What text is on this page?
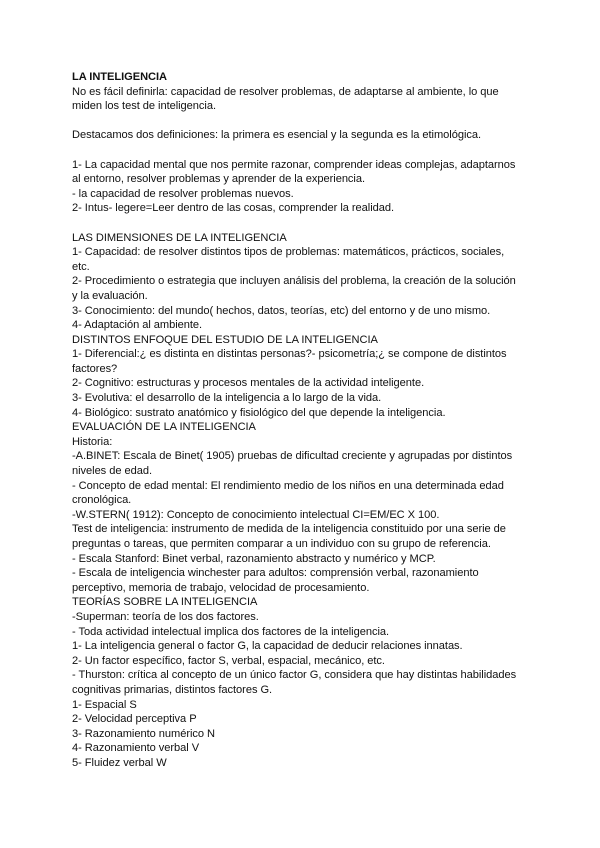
LA INTELIGENCIA

No es fácil definirla: capacidad de resolver problemas, de adaptarse al ambiente, lo que

miden los test de inteligencia.

Destacamos dos definiciones: la primera es esencial y la segunda es la etimológica.

1- La capacidad mental que nos permite razonar, comprender ideas complejas, adaptarnos

al entorno, resolver problemas y aprender de la experiencia.

- la capacidad de resolver problemas nuevos.

2- Intus- legere=Leer dentro de las cosas, comprender la realidad.

LAS DIMENSIONES DE LA INTELIGENCIA

1- Capacidad: de resolver distintos tipos de problemas: matemáticos, prácticos, sociales,

etc.

2- Procedimiento o estrategia que incluyen análisis del problema, la creación de la solución

y la evaluación.

3- Conocimiento: del mundo( hechos, datos, teorías, etc) del entorno y de uno mismo.

4- Adaptación al ambiente.

DISTINTOS ENFOQUE DEL ESTUDIO DE LA INTELIGENCIA

1- Diferencial:¿ es distinta en distintas personas?- psicometría;¿ se compone de distintos

factores?

2- Cognitivo: estructuras y procesos mentales de la actividad inteligente.

3- Evolutiva: el desarrollo de la inteligencia a lo largo de la vida.

4- Biológico: sustrato anatómico y fisiológico del que depende la inteligencia.

EVALUACIÓN DE LA INTELIGENCIA

Historia:

-A.BINET: Escala de Binet( 1905) pruebas de dificultad creciente y agrupadas por distintos

niveles de edad.

- Concepto de edad mental: El rendimiento medio de los niños en una determinada edad

cronológica.

-W.STERN( 1912): Concepto de conocimiento intelectual CI=EM/EC X 100.

Test de inteligencia: instrumento de medida de la inteligencia constituido por una serie de

preguntas o tareas, que permiten comparar a un individuo con su grupo de referencia.

- Escala Stanford: Binet verbal, razonamiento abstracto y numérico y MCP.

- Escala de inteligencia winchester para adultos: comprensión verbal, razonamiento

perceptivo, memoria de trabajo, velocidad de procesamiento.

TEORÍAS SOBRE LA INTELIGENCIA

-Superman: teoría de los dos factores.

- Toda actividad intelectual implica dos factores de la inteligencia.

1- La inteligencia general o factor G, la capacidad de deducir relaciones innatas.

2- Un factor específico, factor S, verbal, espacial, mecánico, etc.

- Thurston: crítica al concepto de un único factor G, considera que hay distintas habilidades

cognitivas primarias, distintos factores G.

1- Espacial S

2- Velocidad perceptiva P

3- Razonamiento numérico N

4- Razonamiento verbal V

5- Fluidez verbal W
